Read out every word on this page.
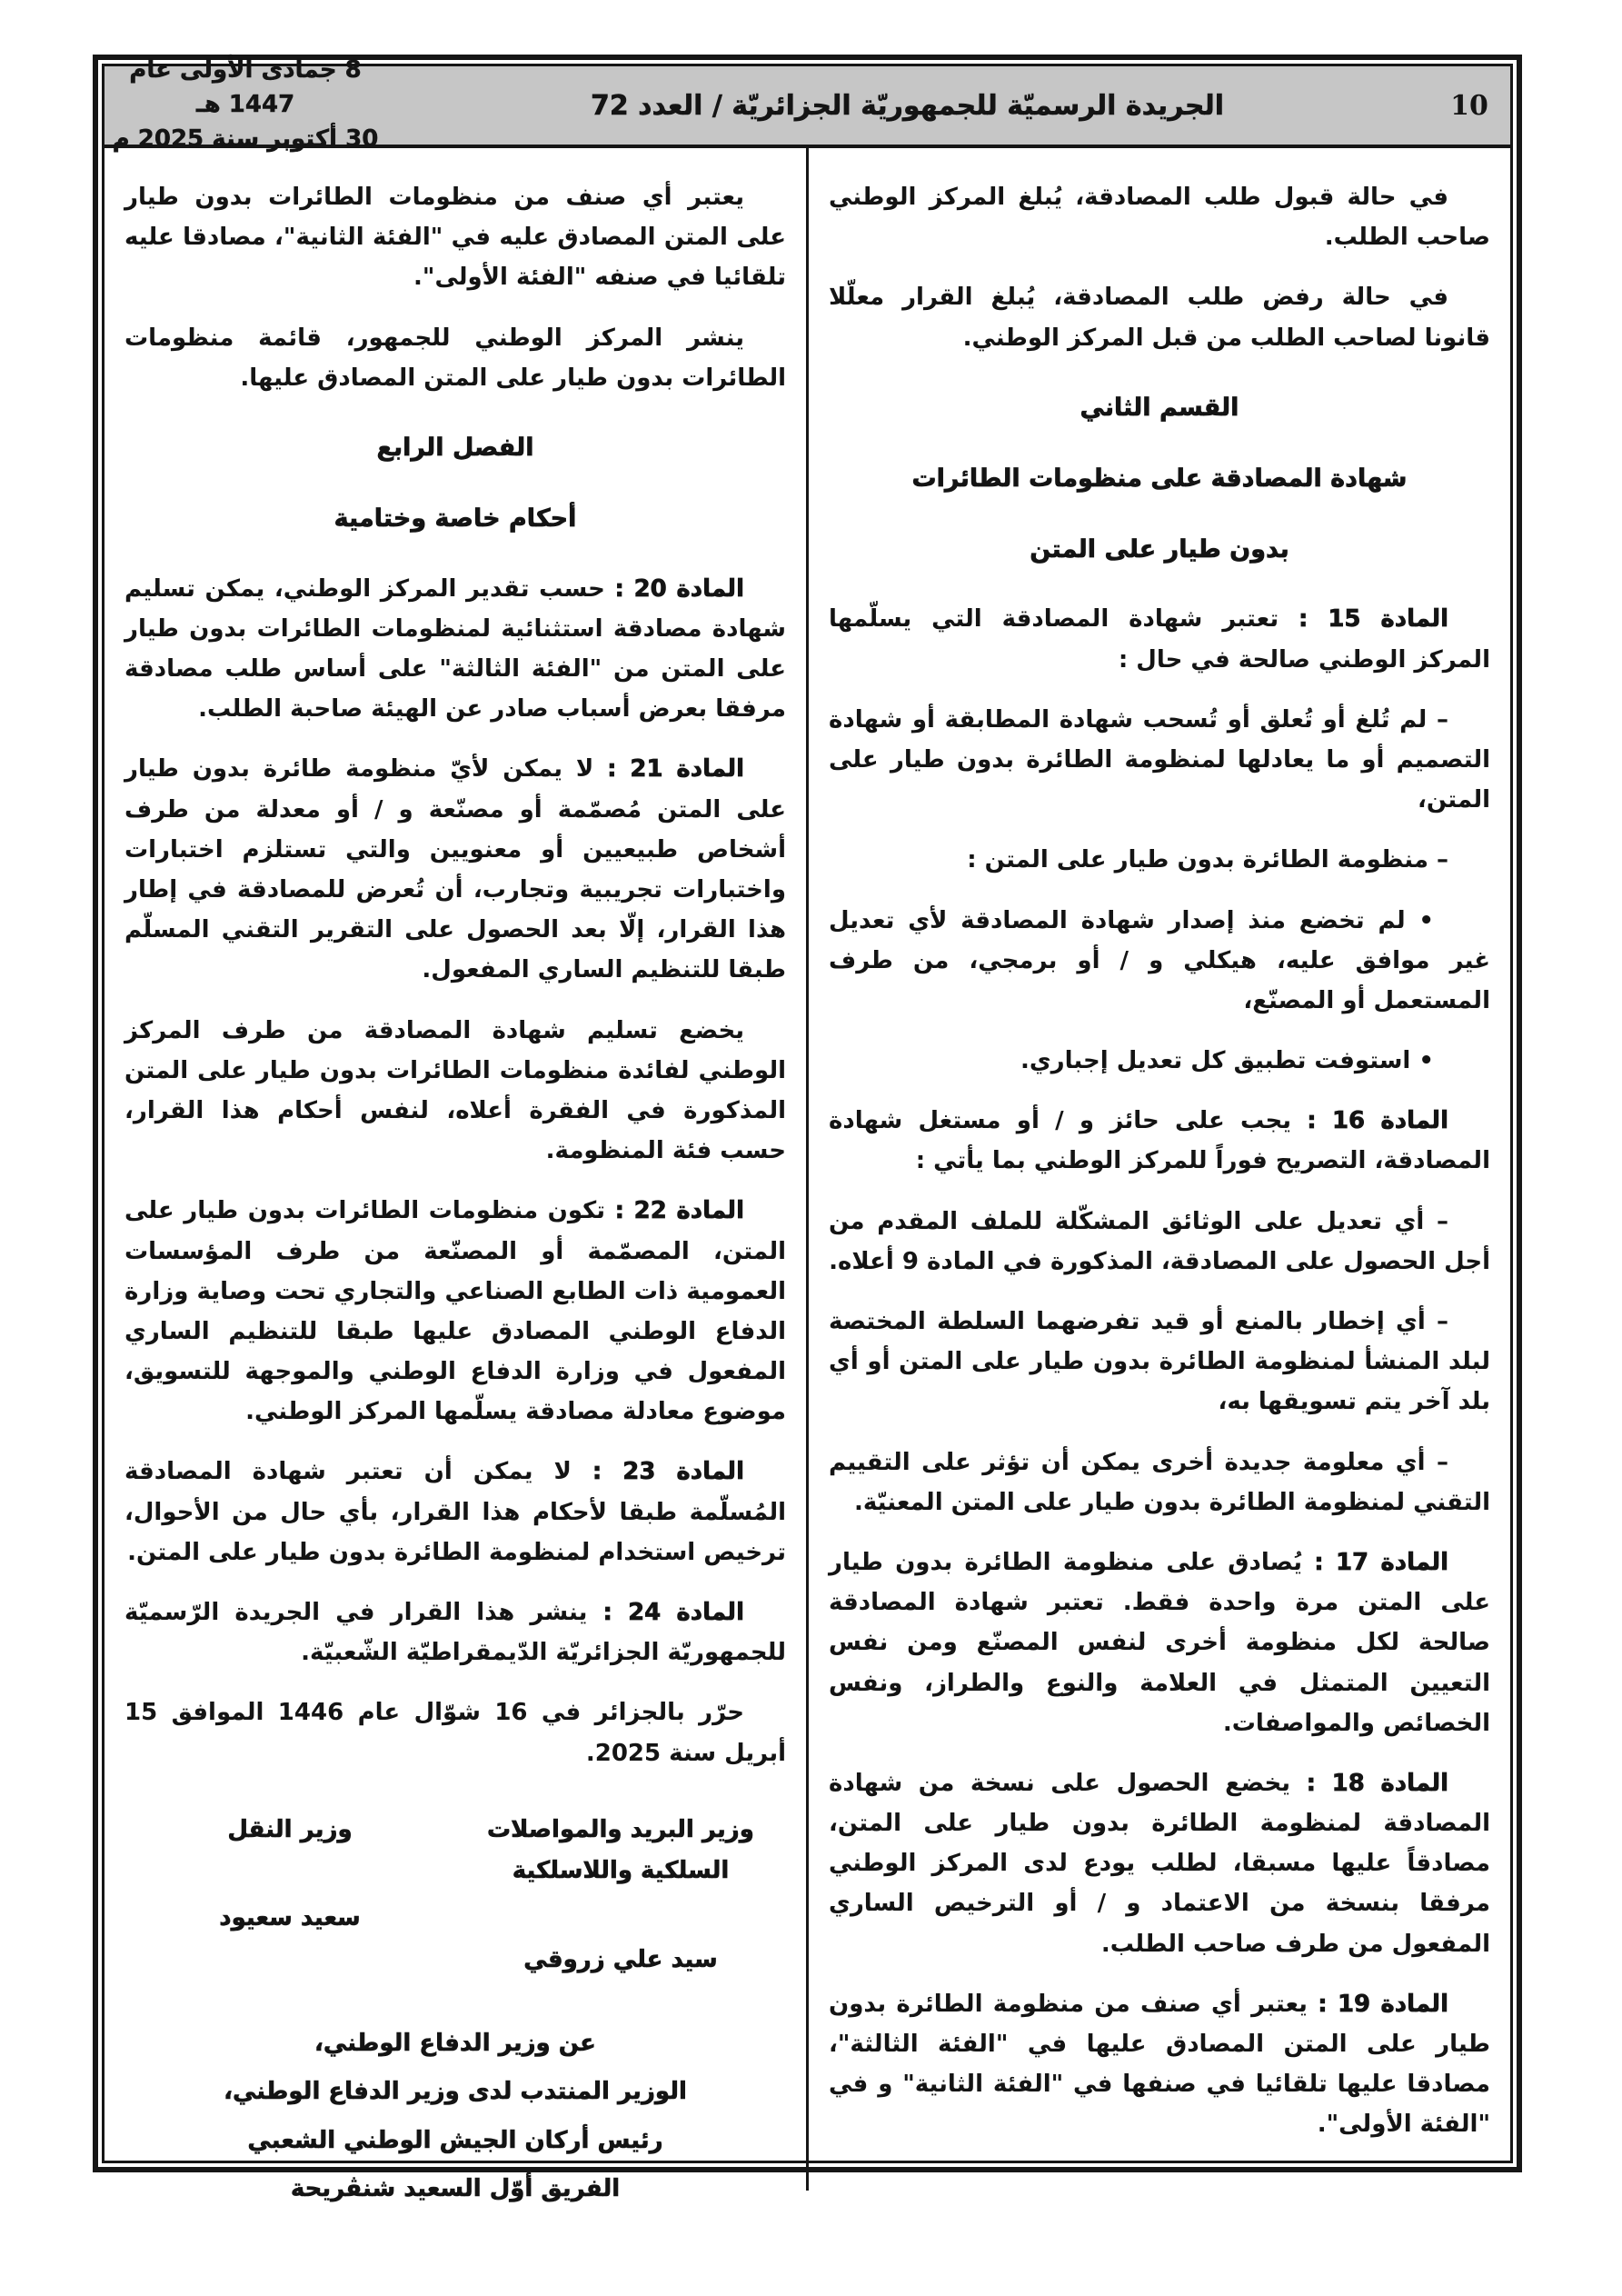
10
الجريدة الرسميّة للجمهوريّة الجزائريّة / العدد 72
8 جمادى الأولى عام 1447 هـ
30 أكتوبر سنة 2025 م

في حالة قبول طلب المصادقة، يُبلغ المركز الوطني صاحب الطلب.

في حالة رفض طلب المصادقة، يُبلغ القرار معلّلا قانونا لصاحب الطلب من قبل المركز الوطني.

القسم الثاني

شهادة المصادقة على منظومات الطائرات

بدون طيار على المتن

المادة 15 : تعتبر شهادة المصادقة التي يسلّمها المركز الوطني صالحة في حال :

– لم تُلغ أو تُعلق أو تُسحب شهادة المطابقة أو شهادة التصميم أو ما يعادلها لمنظومة الطائرة بدون طيار على المتن،

– منظومة الطائرة بدون طيار على المتن :

• لم تخضع منذ إصدار شهادة المصادقة لأي تعديل غير موافق عليه، هيكلي و / أو برمجي، من طرف المستعمل أو المصنّع،

• استوفت تطبيق كل تعديل إجباري.

المادة 16 : يجب على حائز و / أو مستغل شهادة المصادقة، التصريح فوراً للمركز الوطني بما يأتي :

– أي تعديل على الوثائق المشكّلة للملف المقدم من أجل الحصول على المصادقة، المذكورة في المادة 9 أعلاه.

– أي إخطار بالمنع أو قيد تفرضهما السلطة المختصة لبلد المنشأ لمنظومة الطائرة بدون طيار على المتن أو أي بلد آخر يتم تسويقها به،

– أي معلومة جديدة أخرى يمكن أن تؤثر على التقييم التقني لمنظومة الطائرة بدون طيار على المتن المعنيّة.

المادة 17 : يُصادق على منظومة الطائرة بدون طيار على المتن مرة واحدة فقط. تعتبر شهادة المصادقة صالحة لكل منظومة أخرى لنفس المصنّع ومن نفس التعيين المتمثل في العلامة والنوع والطراز، ونفس الخصائص والمواصفات.

المادة 18 : يخضع الحصول على نسخة من شهادة المصادقة لمنظومة الطائرة بدون طيار على المتن، مصادقاً عليها مسبقا، لطلب يودع لدى المركز الوطني مرفقا بنسخة من الاعتماد و / أو الترخيص الساري المفعول من طرف صاحب الطلب.

المادة 19 : يعتبر أي صنف من منظومة الطائرة بدون طيار على المتن المصادق عليها في "الفئة الثالثة"، مصادقا عليها تلقائيا في صنفها في "الفئة الثانية" و في "الفئة الأولى".

يعتبر أي صنف من منظومات الطائرات بدون طيار على المتن المصادق عليه في "الفئة الثانية"، مصادقا عليه تلقائيا في صنفه "الفئة الأولى".

ينشر المركز الوطني للجمهور، قائمة منظومات الطائرات بدون طيار على المتن المصادق عليها.

الفصل الرابع

أحكام خاصة وختامية

المادة 20 : حسب تقدير المركز الوطني، يمكن تسليم شهادة مصادقة استثنائية لمنظومات الطائرات بدون طيار على المتن من "الفئة الثالثة" على أساس طلب مصادقة مرفقا بعرض أسباب صادر عن الهيئة صاحبة الطلب.

المادة 21 : لا يمكن لأيّ منظومة طائرة بدون طيار على المتن مُصمّمة أو مصنّعة و / أو معدلة من طرف أشخاص طبيعيين أو معنويين والتي تستلزم اختبارات واختبارات تجريبية وتجارب، أن تُعرض للمصادقة في إطار هذا القرار، إلّا بعد الحصول على التقرير التقني المسلّم طبقا للتنظيم الساري المفعول.

يخضع تسليم شهادة المصادقة من طرف المركز الوطني لفائدة منظومات الطائرات بدون طيار على المتن المذكورة في الفقرة أعلاه، لنفس أحكام هذا القرار، حسب فئة المنظومة.

المادة 22 : تكون منظومات الطائرات بدون طيار على المتن، المصمّمة أو المصنّعة من طرف المؤسسات العمومية ذات الطابع الصناعي والتجاري تحت وصاية وزارة الدفاع الوطني المصادق عليها طبقا للتنظيم الساري المفعول في وزارة الدفاع الوطني والموجهة للتسويق، موضوع معادلة مصادقة يسلّمها المركز الوطني.

المادة 23 : لا يمكن أن تعتبر شهادة المصادقة المُسلّمة طبقا لأحكام هذا القرار، بأي حال من الأحوال، ترخيص استخدام لمنظومة الطائرة بدون طيار على المتن.

المادة 24 : ينشر هذا القرار في الجريدة الرّسميّة للجمهوريّة الجزائريّة الدّيمقراطيّة الشّعبيّة.

حرّر بالجزائر في 16 شوّال عام 1446 الموافق 15 أبريل سنة 2025.

وزير البريد والمواصلات
السلكية واللاسلكية
سيد علي زروقي
وزير النقل
سعيد سعيود
عن وزير الدفاع الوطني،
الوزير المنتدب لدى وزير الدفاع الوطني،
رئيس أركان الجيش الوطني الشعبي
الفريق أوّل السعيد شنڤريحة
